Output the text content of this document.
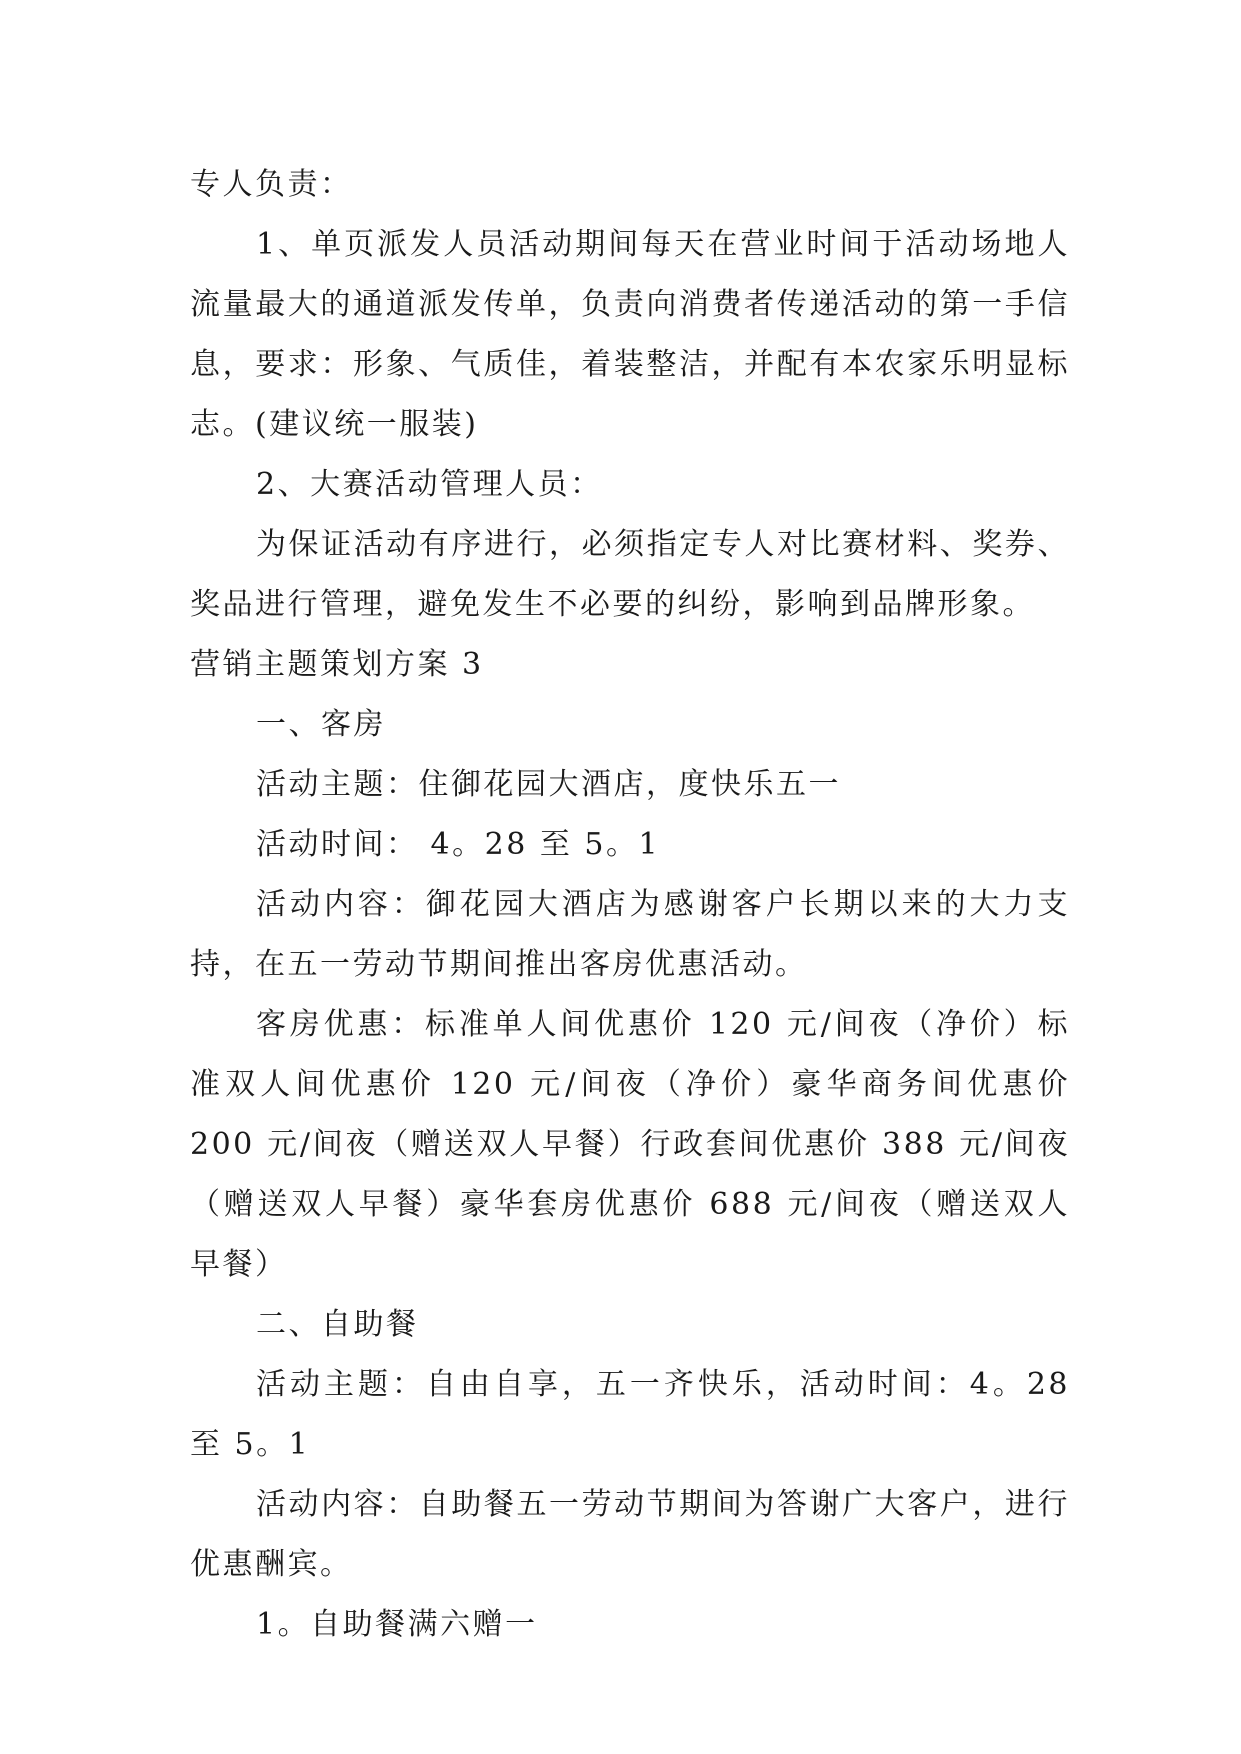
专人负责：

1、单页派发人员活动期间每天在营业时间于活动场地人流量最大的通道派发传单，负责向消费者传递活动的第一手信息，要求：形象、气质佳，着装整洁，并配有本农家乐明显标志。(建议统一服装)

2、大赛活动管理人员：

为保证活动有序进行，必须指定专人对比赛材料、奖券、奖品进行管理，避免发生不必要的纠纷，影响到品牌形象。

营销主题策划方案 3

一、客房

活动主题：住御花园大酒店，度快乐五一

活动时间： 4。28 至 5。1

活动内容：御花园大酒店为感谢客户长期以来的大力支持，在五一劳动节期间推出客房优惠活动。

客房优惠：标准单人间优惠价 120 元/间夜（净价）标准双人间优惠价 120 元/间夜（净价）豪华商务间优惠价 200 元/间夜（赠送双人早餐）行政套间优惠价 388 元/间夜（赠送双人早餐）豪华套房优惠价 688 元/间夜（赠送双人早餐）

二、自助餐

活动主题：自由自享，五一齐快乐，活动时间：4。28 至 5。1

活动内容：自助餐五一劳动节期间为答谢广大客户，进行优惠酬宾。

1。自助餐满六赠一
